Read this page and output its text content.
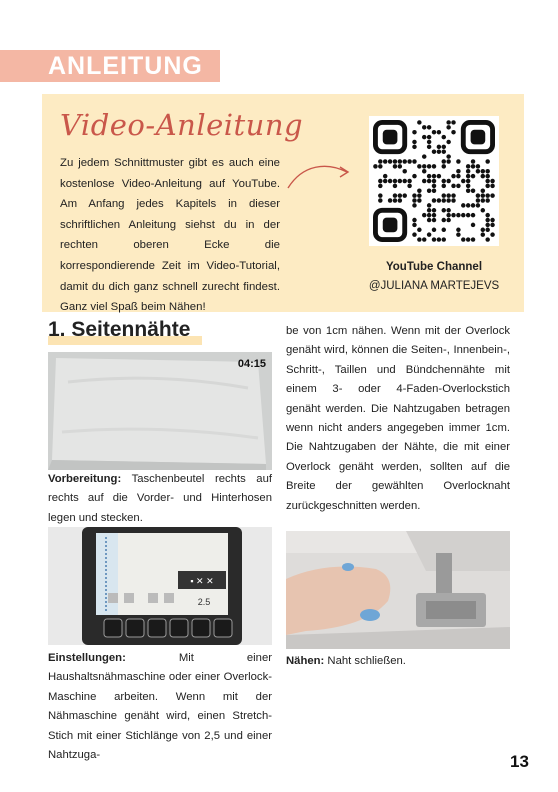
ANLEITUNG
Video-Anleitung

Zu jedem Schnittmuster gibt es auch eine kostenlose Video-Anleitung auf YouTube. Am Anfang jedes Kapitels in dieser schriftlichen Anleitung siehst du in der rechten oberen Ecke die korrespondierende Zeit im Video-Tutorial, damit du dich ganz schnell zurecht findest. Ganz viel Spaß beim Nähen!

YouTube Channel
@JULIANA MARTEJEVS
1. Seitennähte
04:15

Vorbereitung: Taschenbeutel rechts auf rechts auf die Vorder- und Hinterhosen legen und stecken.

▪ ✕ ✕
2.5

Einstellungen: Mit einer Haushaltsnähmaschine oder einer Overlock-Maschine arbeiten. Wenn mit der Nähmaschine genäht wird, einen Stretch-Stich mit einer Stichlänge von 2,5 und einer Nahtzuga-

be von 1cm nähen. Wenn mit der Overlock genäht wird, können die Seiten-, Innenbein-, Schritt-, Taillen und Bündchennähte mit einem 3- oder 4-Faden-Overlockstich genäht werden. Die Nahtzugaben betragen wenn nicht anders angegeben immer 1cm. Die Nahtzugaben der Nähte, die mit einer Overlock genäht werden, sollten auf die Breite der gewählten Overlocknaht zurückgeschnitten werden.

Nähen: Naht schließen.

13
